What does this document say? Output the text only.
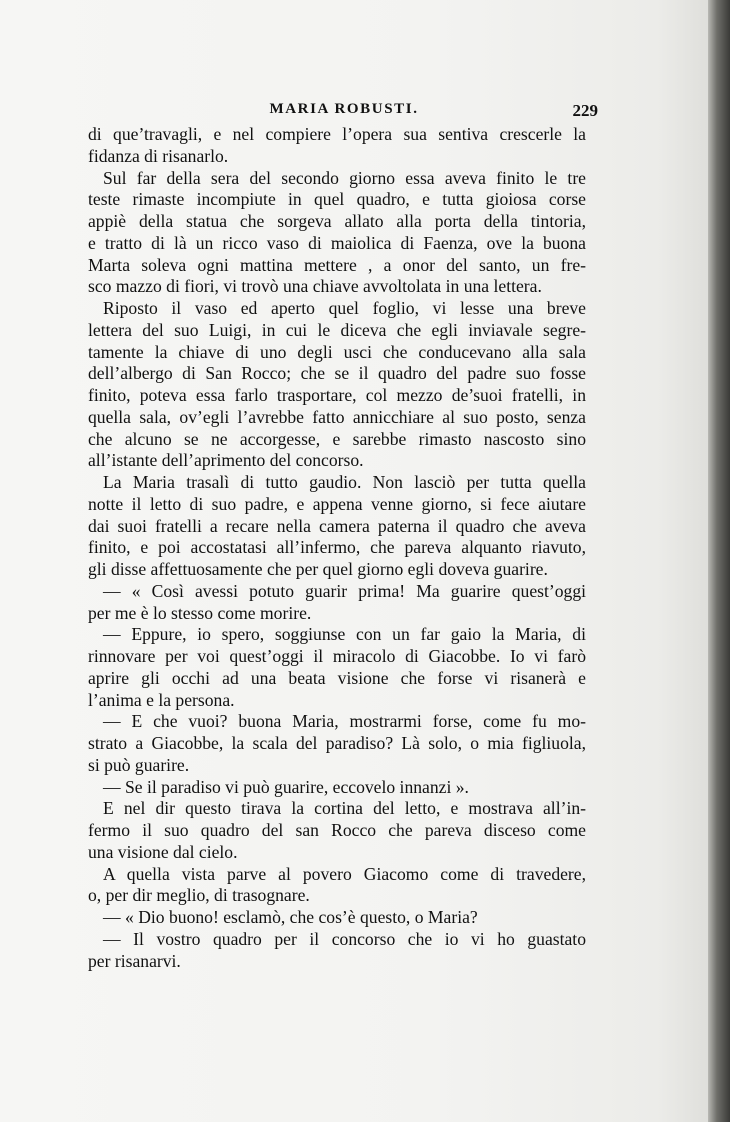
MARIA ROBUSTI.	229
di que’travagli, e nel compiere l’opera sua sentiva crescerle la
fidanza di risanarlo.
Sul far della sera del secondo giorno essa aveva finito le tre
teste rimaste incompiute in quel quadro, e tutta gioiosa corse
appiè della statua che sorgeva allato alla porta della tintoria,
e tratto di là un ricco vaso di maiolica di Faenza, ove la buona
Marta soleva ogni mattina mettere , a onor del santo, un fre-
sco mazzo di fiori, vi trovò una chiave avvoltolata in una lettera.
Riposto il vaso ed aperto quel foglio, vi lesse una breve
lettera del suo Luigi, in cui le diceva che egli inviavale segre-
tamente la chiave di uno degli usci che conducevano alla sala
dell’albergo di San Rocco; che se il quadro del padre suo fosse
finito, poteva essa farlo trasportare, col mezzo de’suoi fratelli, in
quella sala, ov’egli l’avrebbe fatto annicchiare al suo posto, senza
che alcuno se ne accorgesse, e sarebbe rimasto nascosto sino
all’istante dell’aprimento del concorso.
La Maria trasalì di tutto gaudio. Non lasciò per tutta quella
notte il letto di suo padre, e appena venne giorno, si fece aiutare
dai suoi fratelli a recare nella camera paterna il quadro che aveva
finito, e poi accostatasi all’infermo, che pareva alquanto riavuto,
gli disse affettuosamente che per quel giorno egli doveva guarire.
— « Così avessi potuto guarir prima! Ma guarire quest’oggi
per me è lo stesso come morire.
— Eppure, io spero, soggiunse con un far gaio la Maria, di
rinnovare per voi quest’oggi il miracolo di Giacobbe. Io vi farò
aprire gli occhi ad una beata visione che forse vi risanerà e
l’anima e la persona.
— E che vuoi? buona Maria, mostrarmi forse, come fu mo-
strato a Giacobbe, la scala del paradiso? Là solo, o mia figliuola,
si può guarire.
— Se il paradiso vi può guarire, eccovelo innanzi ».
E nel dir questo tirava la cortina del letto, e mostrava all’in-
fermo il suo quadro del san Rocco che pareva disceso come
una visione dal cielo.
A quella vista parve al povero Giacomo come di travedere,
o, per dir meglio, di trasognare.
— « Dio buono! esclamò, che cos’è questo, o Maria?
— Il vostro quadro per il concorso che io vi ho guastato
per risanarvi.
